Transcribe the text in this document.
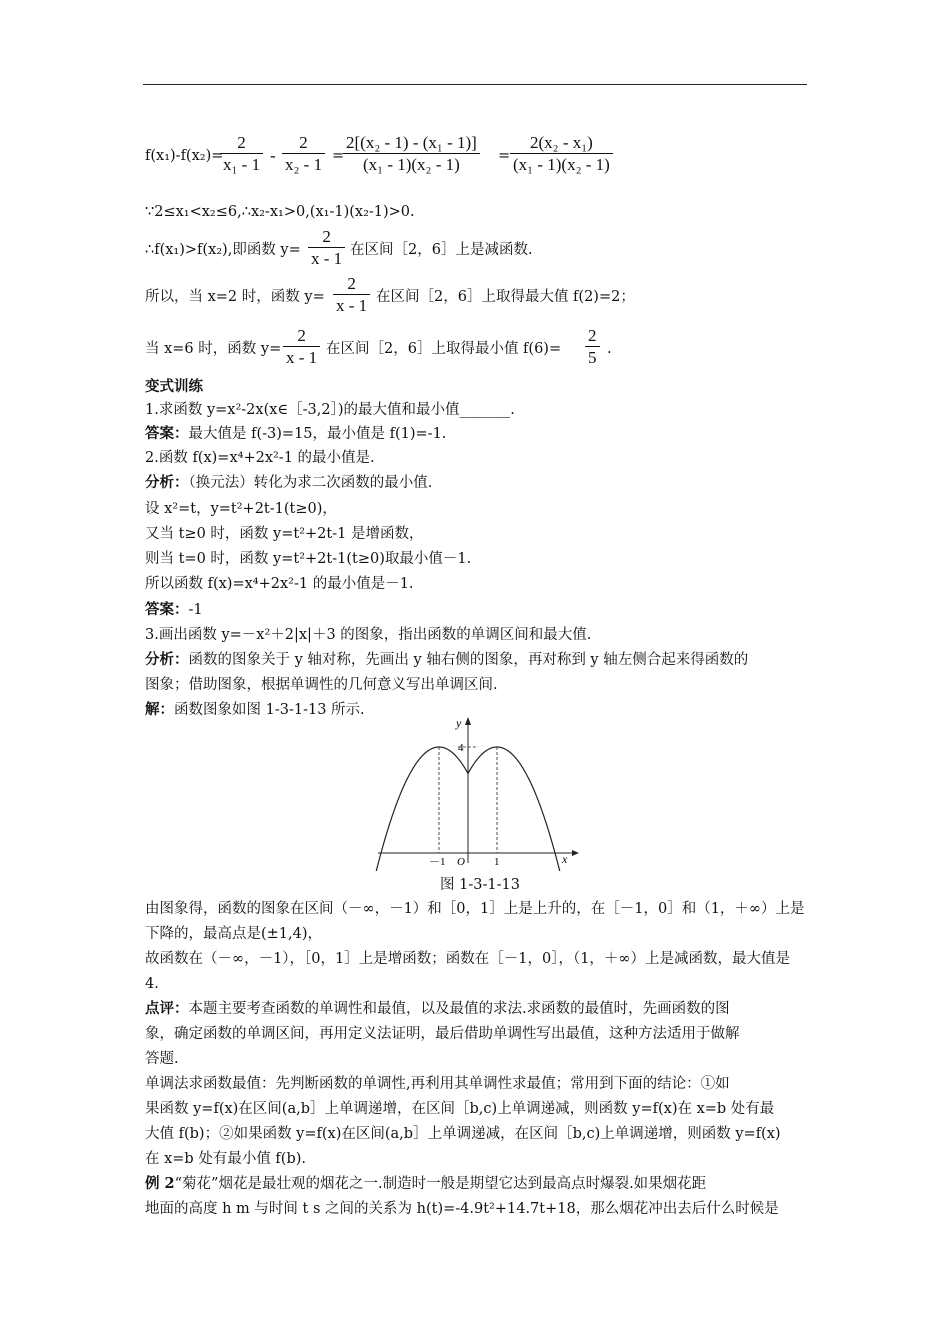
f(x₁)-f(x₂)=
$\frac{2}{\text{x₁ - 1}} - \frac{2}{\text{x₂ - 1}}$ =
$\frac{\text{2[(x₂ - 1) - (x₁ - 1)]}}{\text{(x₁ - 1)(x₂ - 1)}} = \frac{\text{2(x₂ - x₁)}}{\text{(x₁ - 1)(x₂ - 1)}}$
∵2≤x₁<x₂≤6,∴x₂-x₁>0,(x₁-1)(x₂-1)>0.
∴f(x₁)>f(x₂),即函数 $y= \frac{2}{x - 1}$ 在区间［2，6］上是减函数.
所以，当 x=2 时，函数 $y= \frac{2}{x - 1}$ 在区间［2，6］上取得最大值 f(2)=2；
当 x=6 时，函数 $y= \frac{2}{x - 1}$ 在区间［2，6］上取得最小值 $f(6)= \frac{2}{5}$ .
变式训练
1.求函数 y=x²-2x(x∈［-3,2］)的最大值和最小值_______.
答案：最大值是 f(-3)=15，最小值是 f(1)=-1.
2.函数 f(x)=x⁴+2x²-1 的最小值是.
分析：（换元法）转化为求二次函数的最小值.
设 x²=t，y=t²+2t-1(t≥0)，
又当 t≥0 时，函数 y=t²+2t-1 是增函数，
则当 t=0 时，函数 y=t²+2t-1(t≥0)取最小值－1.
所以函数 f(x)=x⁴+2x²-1 的最小值是－1.
答案：-1
3.画出函数 y=－x²＋2|x|＋3 的图象，指出函数的单调区间和最大值.
分析：函数的图象关于 y 轴对称，先画出 y 轴右侧的图象，再对称到 y 轴左侧合起来得函数的
图象；借助图象，根据单调性的几何意义写出单调区间.
解：函数图象如图 1-3-1-13 所示.
y
x
O
4
－1	1
图 1-3-1-13
由图象得，函数的图象在区间（－∞，－1）和［0，1］上是上升的，在［－1，0］和（1，＋∞）上是
下降的，最高点是(±1,4)，
故函数在（－∞，－1），［0，1］上是增函数；函数在［－1，0］，（1，＋∞）上是减函数，最大值是
4.
点评：本题主要考查函数的单调性和最值，以及最值的求法.求函数的最值时，先画函数的图
象，确定函数的单调区间，再用定义法证明，最后借助单调性写出最值，这种方法适用于做解
答题.
单调法求函数最值：先判断函数的单调性,再利用其单调性求最值；常用到下面的结论：①如
果函数 y=f(x)在区间(a,b］上单调递增，在区间［b,c)上单调递减，则函数 y=f(x)在 x=b 处有最
大值 f(b)；②如果函数 y=f(x)在区间(a,b］上单调递减，在区间［b,c)上单调递增，则函数 y=f(x)
在 x=b 处有最小值 f(b).
例 2“菊花”烟花是最壮观的烟花之一.制造时一般是期望它达到最高点时爆裂.如果烟花距
地面的高度 h m 与时间 t s 之间的关系为 h(t)=-4.9t²+14.7t+18，那么烟花冲出去后什么时候是
